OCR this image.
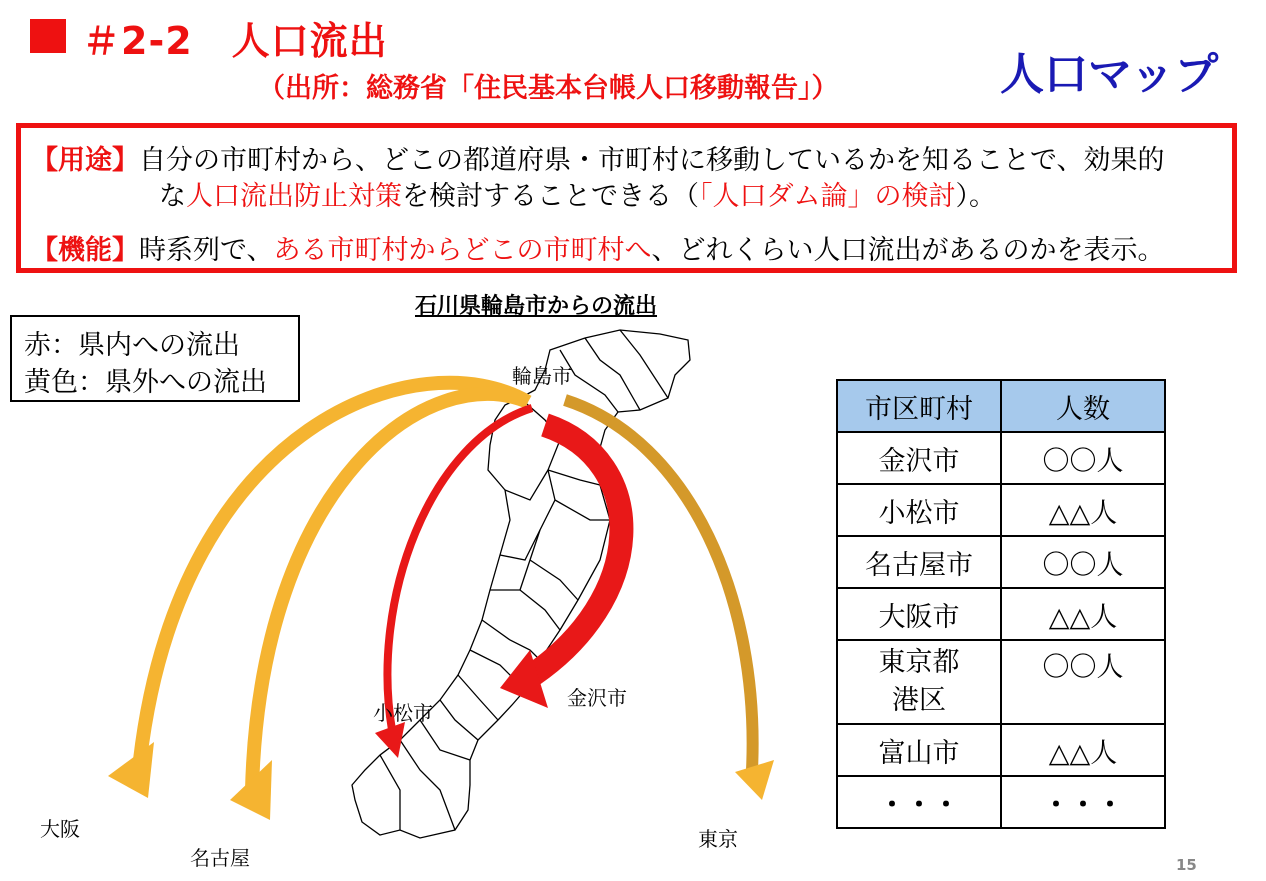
＃2-2　人口流出
（出所：総務省「住民基本台帳人口移動報告」）	人口マップ
【用途】自分の市町村から、どこの都道府県・市町村に移動しているかを知ることで、効果的
な人口流出防止対策を検討することできる（「人口ダム論」の検討）。
【機能】時系列で、ある市町村からどこの市町村へ、どれくらい人口流出があるのかを表示。
石川県輪島市からの流出
赤：県内への流出
黄色：県外への流出	輪島市
金沢市
小松市
大阪
名古屋
東京
市区町村	人数
金沢市	〇〇人
小松市	△△人
名古屋市	〇〇人
大阪市	△△人
東京都
港区	〇〇人
富山市	△△人
・・・	・・・
15
